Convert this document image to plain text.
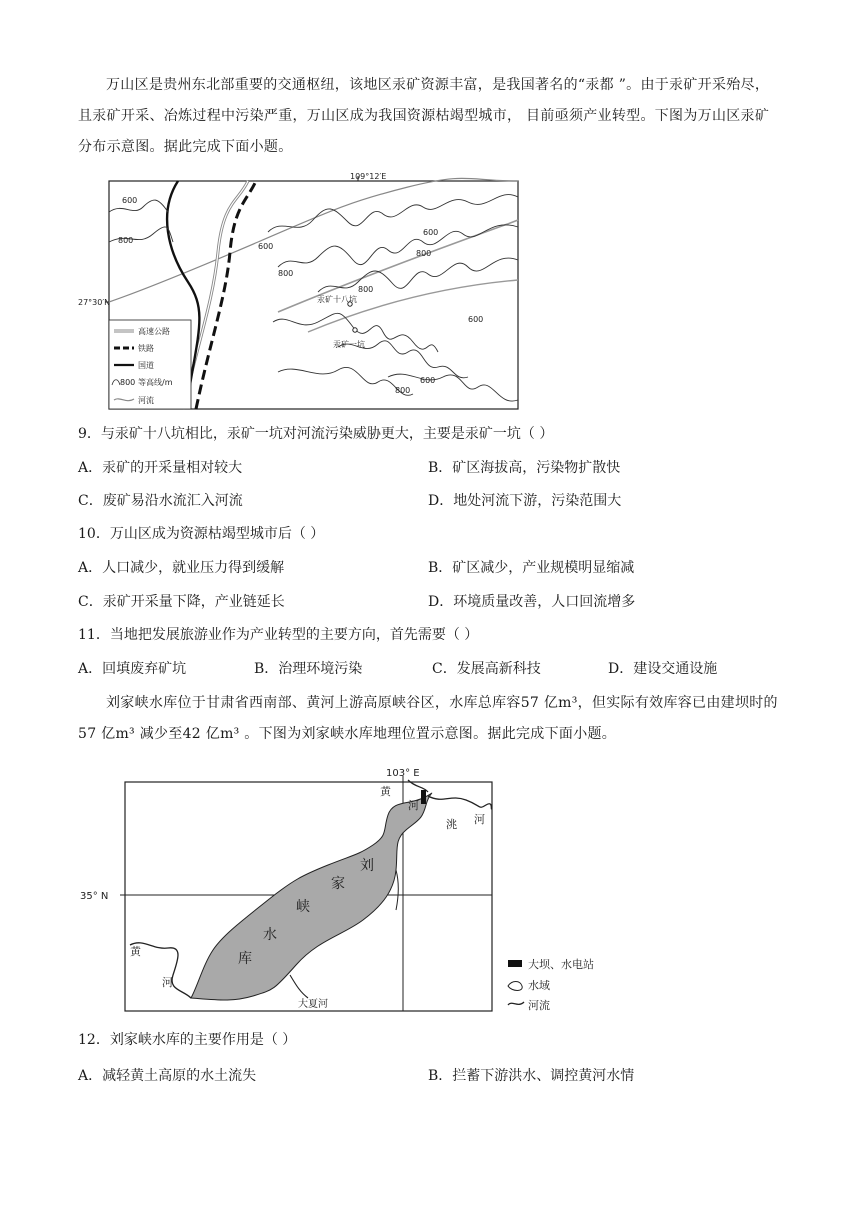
万山区是贵州东北部重要的交通枢纽，该地区汞矿资源丰富，是我国著名的“汞都 ”。由于汞矿开采殆尽，且汞矿开采、冶炼过程中污染严重，万山区成为我国资源枯竭型城市， 目前亟须产业转型。下图为万山区汞矿分布示意图。据此完成下面小题。
109°12′E
27°30′N
600
800
600
800
600
800
800
600
800
600
汞矿十八坑
汞矿一坑
高速公路
铁路
国道
800 等高线/m
河流
9．与汞矿十八坑相比，汞矿一坑对河流污染威胁更大，主要是汞矿一坑（ ）
A．汞矿的开采量相对较大	B．矿区海拔高，污染物扩散快
C．废矿易沿水流汇入河流	D．地处河流下游，污染范围大
10．万山区成为资源枯竭型城市后（ ）
A．人口减少，就业压力得到缓解	B．矿区减少，产业规模明显缩减
C．汞矿开采量下降，产业链延长	D．环境质量改善，人口回流增多
11．当地把发展旅游业作为产业转型的主要方向，首先需要（ ）
A．回填废弃矿坑	B．治理环境污染	C．发展高新科技	D．建设交通设施
刘家峡水库位于甘肃省西南部、黄河上游高原峡谷区，水库总库容57 亿m³，但实际有效库容已由建坝时的57 亿m³ 减少至42 亿m³ 。下图为刘家峡水库地理位置示意图。据此完成下面小题。
103° E
35° N
黄
河
洮 河
刘
家
峡
水
库
黄
河
大夏河
大坝、水电站
水域
河流
12．刘家峡水库的主要作用是（ ）
A．减轻黄土高原的水土流失	B．拦蓄下游洪水、调控黄河水情
